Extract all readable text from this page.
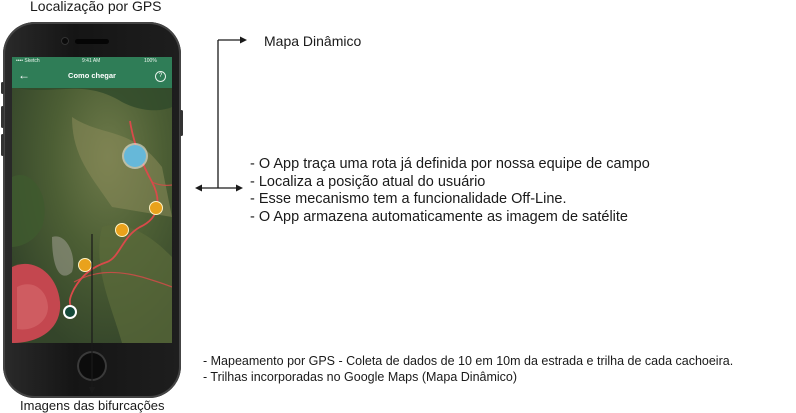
Localização por GPS
•••• Sketch	9:41 AM	100%
←	Como chegar	?
Mapa Dinâmico
- O App traça uma rota já definida por nossa equipe de campo
- Localiza a posição atual do usuário
- Esse mecanismo tem a funcionalidade Off-Line.
- O App armazena automaticamente as imagem de satélite
- Mapeamento por GPS - Coleta de dados de 10 em 10m da estrada e trilha de cada cachoeira.
- Trilhas incorporadas no Google Maps (Mapa Dinâmico)
Imagens das bifurcações
